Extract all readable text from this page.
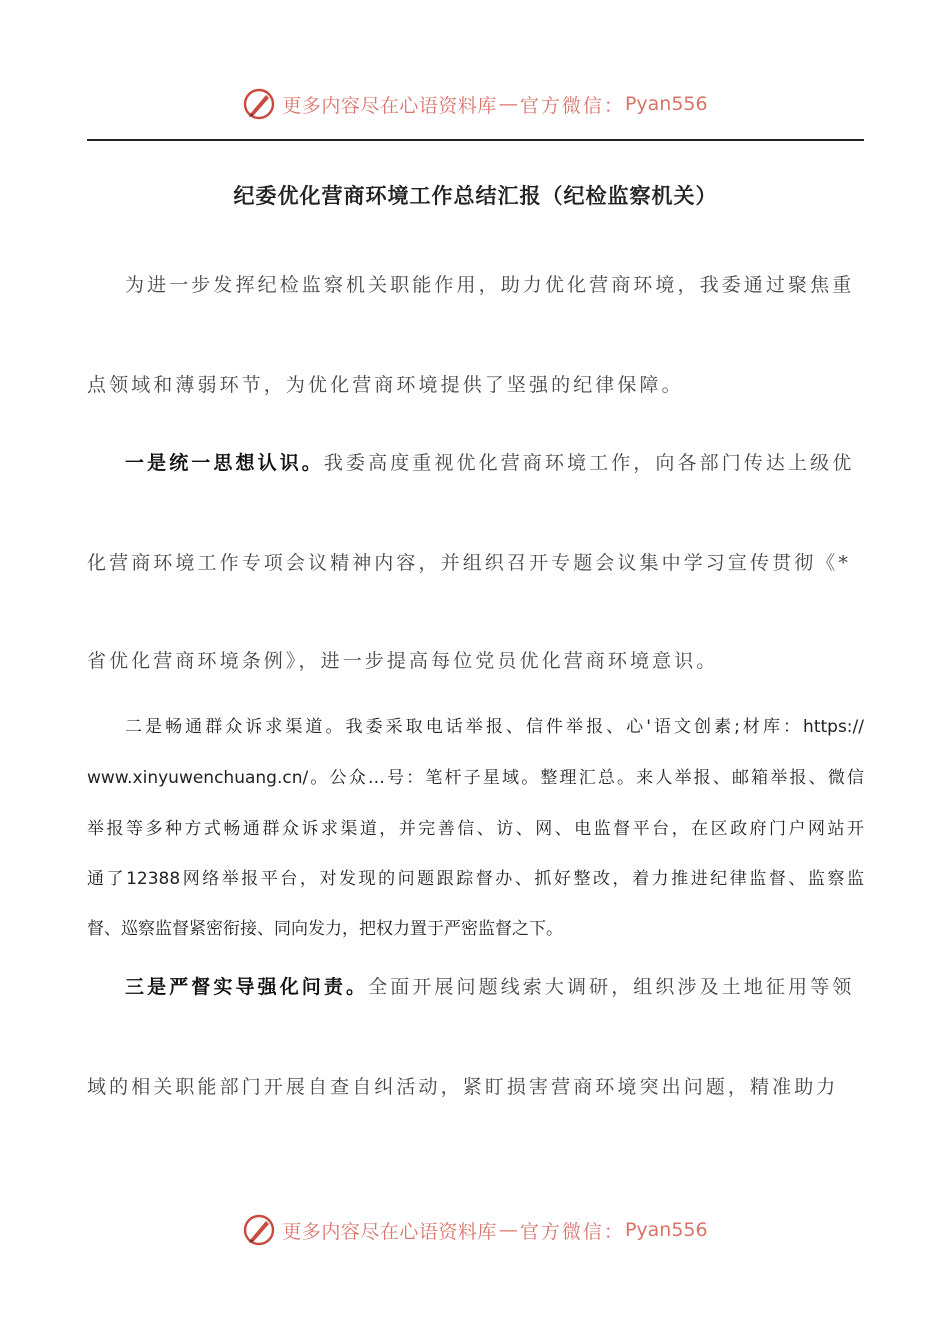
更多内容尽在心语资料库 — 官方微信： Pyan556
纪委优化营商环境工作总结汇报（纪检监察机关）
为进一步发挥纪检监察机关职能作用，助力优化营商环境，我委通过聚焦重
点领域和薄弱环节，为优化营商环境提供了坚强的纪律保障。
一是统一思想认识。我委高度重视优化营商环境工作，向各部门传达上级优
化营商环境工作专项会议精神内容，并组织召开专题会议集中学习宣传贯彻《*
省优化营商环境条例》，进一步提高每位党员优化营商环境意识。
二是畅通群众诉求渠道。我委采取电话举报、信件举报、心'语文创素;材库：https://
www.xinyuwenchuang.cn/。公众…号：笔杆子星域。整理汇总。来人举报、邮箱举报、微信
举报等多种方式畅通群众诉求渠道，并完善信、访、网、电监督平台，在区政府门户网站开
通了12388网络举报平台，对发现的问题跟踪督办、抓好整改，着力推进纪律监督、监察监
督、巡察监督紧密衔接、同向发力，把权力置于严密监督之下。
三是严督实导强化问责。全面开展问题线索大调研，组织涉及土地征用等领
域的相关职能部门开展自查自纠活动，紧盯损害营商环境突出问题，精准助力
更多内容尽在心语资料库 — 官方微信： Pyan556
